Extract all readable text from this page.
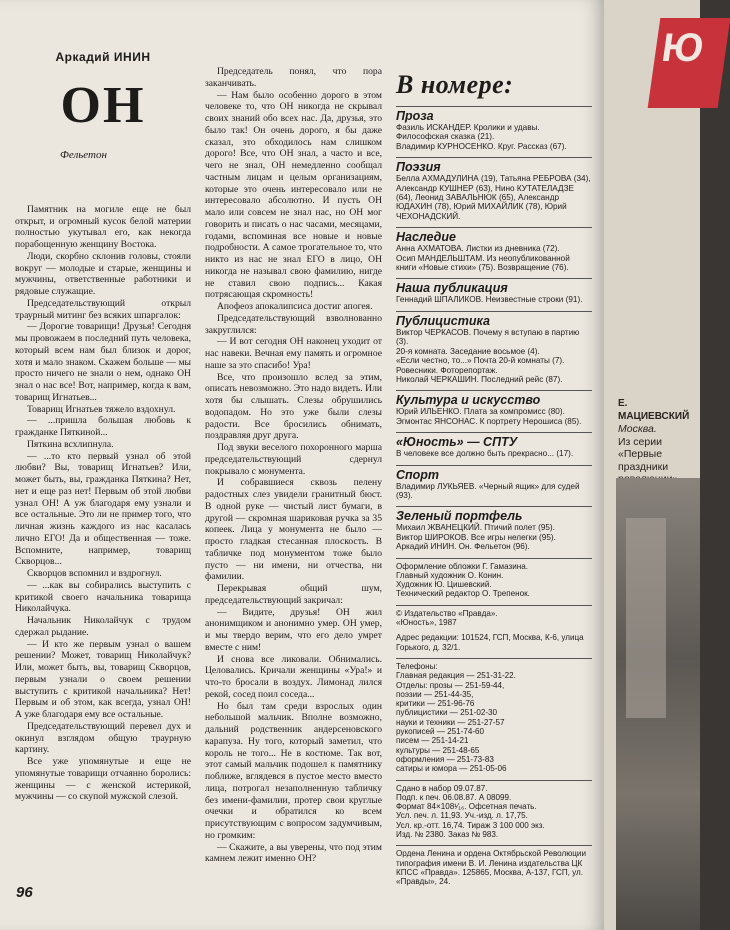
Аркадий ИНИН
ОН
Фельетон

Памятник на могиле еще не был открыт, и огромный кусок белой материи полностью укутывал его, как некогда порабощенную женщину Востока.

Люди, скорбно склонив головы, стояли вокруг — молодые и старые, женщины и мужчины, ответственные работники и рядовые служащие.

Председательствующий открыл траурный митинг без всяких шпаргалок:

— Дорогие товарищи! Друзья! Сегодня мы провожаем в последний путь человека, который всем нам был близок и дорог, хотя и мало знаком. Скажем больше — мы просто ничего не знали о нем, однако ОН знал о нас все! Вот, например, когда к вам, товарищ Игнатьев...

Товарищ Игнатьев тяжело вздохнул.

— ...пришла большая любовь к гражданке Пяткиной...

Пяткина всхлипнула.

— ...то кто первый узнал об этой любви? Вы, товарищ Игнатьев? Или, может быть, вы, гражданка Пяткина? Нет, нет и еще раз нет! Первым об этой любви узнал ОН! А уж благодаря ему узнали и все остальные. Это ли не пример того, что личная жизнь каждого из нас касалась лично ЕГО! Да и общественная — тоже. Вспомните, например, товарищ Скворцов...

Скворцов вспомнил и вздрогнул.

— ...как вы собирались выступить с критикой своего начальника товарища Николайчука.

Начальник Николайчук с трудом сдержал рыдание.

— И кто же первым узнал о вашем решении? Может, товарищ Николайчук? Или, может быть, вы, товарищ Скворцов, первым узнали о своем решении выступить с критикой начальника? Нет! Первым и об этом, как всегда, узнал ОН! А уже благодаря ему все остальные.

Председательствующий перевел дух и окинул взглядом общую траурную картину.

Все уже упомянутые и еще не упомянутые товарищи отчаянно боролись: женщины — с женской истерикой, мужчины — со скупой мужской слезой.

Председатель понял, что пора заканчивать.

— Нам было особенно дорого в этом человеке то, что ОН никогда не скрывал своих знаний обо всех нас. Да, друзья, это было так! Он очень дорого, я бы даже сказал, это обходилось нам слишком дорого! Все, что ОН знал, а часто и все, чего не знал, ОН немедленно сообщал частным лицам и целым организациям, которые это очень интересовало или не интересовало абсолютно. И пусть ОН мало или совсем не знал нас, но ОН мог говорить и писать о нас часами, месяцами, годами, вспоминая все новые и новые подробности. А самое трогательное то, что никто из нас не знал ЕГО в лицо, ОН никогда не называл свою фамилию, нигде не ставил свою подпись... Какая потрясающая скромность!

Апофеоз апокалипсиса достиг апогея.

Председательствующий взволнованно закруглился:

— И вот сегодня ОН наконец уходит от нас навеки. Вечная ему память и огромное наше за это спасибо! Ура!

Все, что произошло вслед за этим, описать невозможно. Это надо видеть. Или хотя бы слышать. Слезы обрушились водопадом. Но это уже были слезы радости. Все бросились обнимать, поздравляя друг друга.

Под звуки веселого похоронного марша председательствующий сдернул покрывало с монумента.

И собравшиеся сквозь пелену радостных слез увидели гранитный бюст. В одной руке — чистый лист бумаги, в другой — скромная шариковая ручка за 35 копеек. Лица у монумента не было — просто гладкая стесанная плоскость. В табличке под монументом тоже было пусто — ни имени, ни отчества, ни фамилии.

Перекрывая общий шум, председательствующий закричал:

— Видите, друзья! ОН жил анонимщиком и анонимно умер. ОН умер, и мы твердо верим, что его дело умрет вместе с ним!

И снова все ликовали. Обнимались. Целовались. Кричали женщины «Ура!» и что-то бросали в воздух. Лимонад лился рекой, сосед поил соседа...

Но был там среди взрослых один небольшой мальчик. Вполне возможно, дальний родственник андерсеновского карапуза. Ну того, который заметил, что король не того... Не в костюме. Так вот, этот самый мальчик подошел к памятнику поближе, вглядевся в пустое место вместо лица, потрогал незаполненную табличку без имени-фамилии, протер свои круглые очечки и обратился ко всем присутствующим с вопросом задумчивым, но громким:

— Скажите, а вы уверены, что под этим камнем лежит именно ОН?

96
В номере:
Проза
Фазиль ИСКАНДЕР. Кролики и удавы. Философская сказка (21).
Владимир КУРНОСЕНКО. Круг. Рассказ (67).
Поэзия
Белла АХМАДУЛИНА (19), Татьяна РЕБРОВА (34), Александр КУШНЕР (63), Нино КУТАТЕЛАДЗЕ (64), Леонид ЗАВАЛЬНЮК (65), Александр ЮДАХИН (78), Юрий МИХАЙЛИК (78), Юрий ЧЕХОНАДСКИЙ.
Наследие
Анна АХМАТОВА. Листки из дневника (72).
Осип МАНДЕЛЬШТАМ. Из неопубликованной книги «Новые стихи» (75). Возвращение (76).
Наша публикация
Геннадий ШПАЛИКОВ. Неизвестные строки (91).
Публицистика
Виктор ЧЕРКАСОВ. Почему я вступаю в партию (3).
20-я комната. Заседание восьмое (4).
«Если честно, то...» Почта 20-й комнаты (7).
Ровесники. Фоторепортаж.
Николай ЧЕРКАШИН. Последний рейс (87).
Культура и искусство
Юрий ИЛЬЕНКО. Плата за компромисс (80).
Эгмонтас ЯНСОНАС. К портрету Нерошиса (85).
«Юность» — СПТУ
В человеке все должно быть прекрасно... (17).
Спорт
Владимир ЛУКЬЯЕВ. «Черный ящик» для судей (93).
Зеленый портфель
Михаил ЖВАНЕЦКИЙ. Птичий полет (95).
Виктор ШИРОКОВ. Все игры нелегки (95).
Аркадий ИНИН. Он. Фельетон (96).
Оформление обложки Г. Гамазина.
Главный художник О. Конин.
Художник Ю. Цишевский.
Технический редактор О. Трепенок.
© Издательство «Правда».
«Юность», 1987
Адрес редакции: 101524, ГСП, Москва, К-6, улица Горького, д. 32/1.
Телефоны:
Главная редакция — 251-31-22.
Отделы: прозы — 251-59-44,
поэзии — 251-44-35,
критики — 251-96-76
публицистики — 251-02-30
науки и техники — 251-27-57
рукописей — 251-74-60
писем — 251-14-21
культуры — 251-48-65
оформления — 251-73-83
сатиры и юмора — 251-05-06
Сдано в набор 09.07.87.
Подп. к печ. 06.08.87. А 08099.
Формат 84×108¹⁄₁₆. Офсетная печать.
Усл. печ. л. 11,93. Уч.-изд. л. 17,75.
Усл. кр.-отт. 16,74. Тираж 3 100 000 экз.
Изд. № 2380. Заказ № 983.
Ордена Ленина и ордена Октябрьской Революции типография имени В. И. Ленина издательства ЦК КПСС «Правда». 125865, Москва, А-137, ГСП, ул. «Правды», 24.
Ю
Е. МАЦИЕВСКИЙ
Москва.
Из серии
«Первые праздники
